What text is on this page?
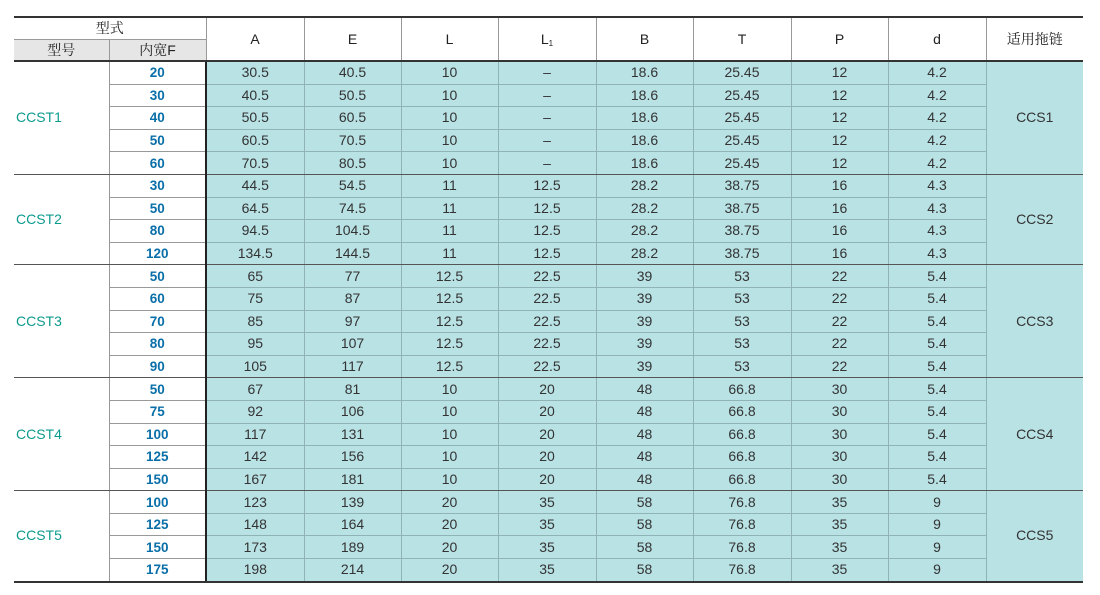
型式		A	E	L	$L_1$	B	T	P	d	适用拖链
型号	内宽F									
CCST1	20	30.5	40.5	10	–	18.6	25.45	12	4.2	CCS1
	30	40.5	50.5	10	–	18.6	25.45	12	4.2	
	40	50.5	60.5	10	–	18.6	25.45	12	4.2	
	50	60.5	70.5	10	–	18.6	25.45	12	4.2	
	60	70.5	80.5	10	–	18.6	25.45	12	4.2	
CCST2	30	44.5	54.5	11	12.5	28.2	38.75	16	4.3	CCS2
	50	64.5	74.5	11	12.5	28.2	38.75	16	4.3	
	80	94.5	104.5	11	12.5	28.2	38.75	16	4.3	
	120	134.5	144.5	11	12.5	28.2	38.75	16	4.3	
CCST3	50	65	77	12.5	22.5	39	53	22	5.4	CCS3
	60	75	87	12.5	22.5	39	53	22	5.4	
	70	85	97	12.5	22.5	39	53	22	5.4	
	80	95	107	12.5	22.5	39	53	22	5.4	
	90	105	117	12.5	22.5	39	53	22	5.4	
CCST4	50	67	81	10	20	48	66.8	30	5.4	CCS4
	75	92	106	10	20	48	66.8	30	5.4	
	100	117	131	10	20	48	66.8	30	5.4	
	125	142	156	10	20	48	66.8	30	5.4	
	150	167	181	10	20	48	66.8	30	5.4	
CCST5	100	123	139	20	35	58	76.8	35	9	CCS5
	125	148	164	20	35	58	76.8	35	9	
	150	173	189	20	35	58	76.8	35	9	
	175	198	214	20	35	58	76.8	35	9	
